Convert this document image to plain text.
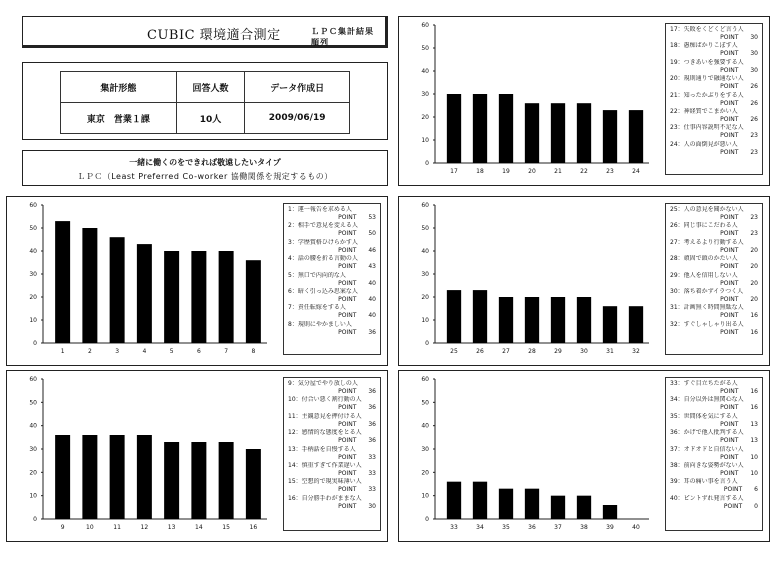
CUBIC 環境適合測定	ＬＰＣ集計結果　順列
集計形態	回答人数	データ作成日
東京　営業１課	10人	2009/06/19
一緒に働くのをできれば敬遠したいタイプ
ＬＰＣ（Least Preferred Co-worker 協働関係を規定するもの）
0
10
20
30
40
50
60
1	2	3	4	5	6	7	8
1：運一報告を求める人
POINT　　53
2：相手で意見を変える人
POINT　　50
3：学歴賞格ひけらかす人
POINT　　46
4：話の腰を折る言動の人
POINT　　43
5：無口で内向的な人
POINT　　40
6：暗く引っ込み思案な人
POINT　　40
7：責任転嫁をする人
POINT　　40
8：規則にやかましい人
POINT　　36
0
10
20
30
40
50
60
9	10	11	12	13	14	15	16
9：気分屋でやり放しの人
POINT　　36
10：付合い悪く割行動の人
POINT　　36
11：主観意見を押付ける人
POINT　　36
12：感情的な態度をとる人
POINT　　36
13：手柄話を自慢する人
POINT　　33
14：慎重すぎて作業遅い人
POINT　　33
15：空想的で現実味薄い人
POINT　　33
16：自分勝手わがままな人
POINT　　30
0
10
20
30
40
50
60
17	18	19	20	21	22	23	24
17：失敗をくどくど言う人
POINT　　30
18：愚痴ばかりこぼす人
POINT　　30
19：つきあいを強要する人
POINT　　30
20：規則通りで融通ない人
POINT　　26
21：知ったかぶりをする人
POINT　　26
22：神経質でこまかい人
POINT　　26
23：仕事内容説明不足な人
POINT　　23
24：人の面倒見が悪い人
POINT　　23
0
10
20
30
40
50
60
25	26	27	28	29	30	31	32
25：人の意見を聞かない人
POINT　　23
26：同じ事にこだわる人
POINT　　23
27：考えるより行動する人
POINT　　20
28：頑固で頭のかたい人
POINT　　20
29：他人を信用しない人
POINT　　20
30：落ち着かずイラつく人
POINT　　20
31：計画無く時間無駄な人
POINT　　16
32：すぐしゃしゃり出る人
POINT　　16
0
10
20
30
40
50
60
33	34	35	36	37	38	39	40
33：すぐ目立ちたがる人
POINT　　16
34：自分以外は無関心な人
POINT　　16
35：世間体を気にする人
POINT　　13
36：かげで他人批判する人
POINT　　13
37：オドオドと自信ない人
POINT　　10
38：前向きな姿勢がない人
POINT　　10
39：耳の痛い事を言う人
POINT　　6
40：ピントずれ発言する人
POINT　　0
